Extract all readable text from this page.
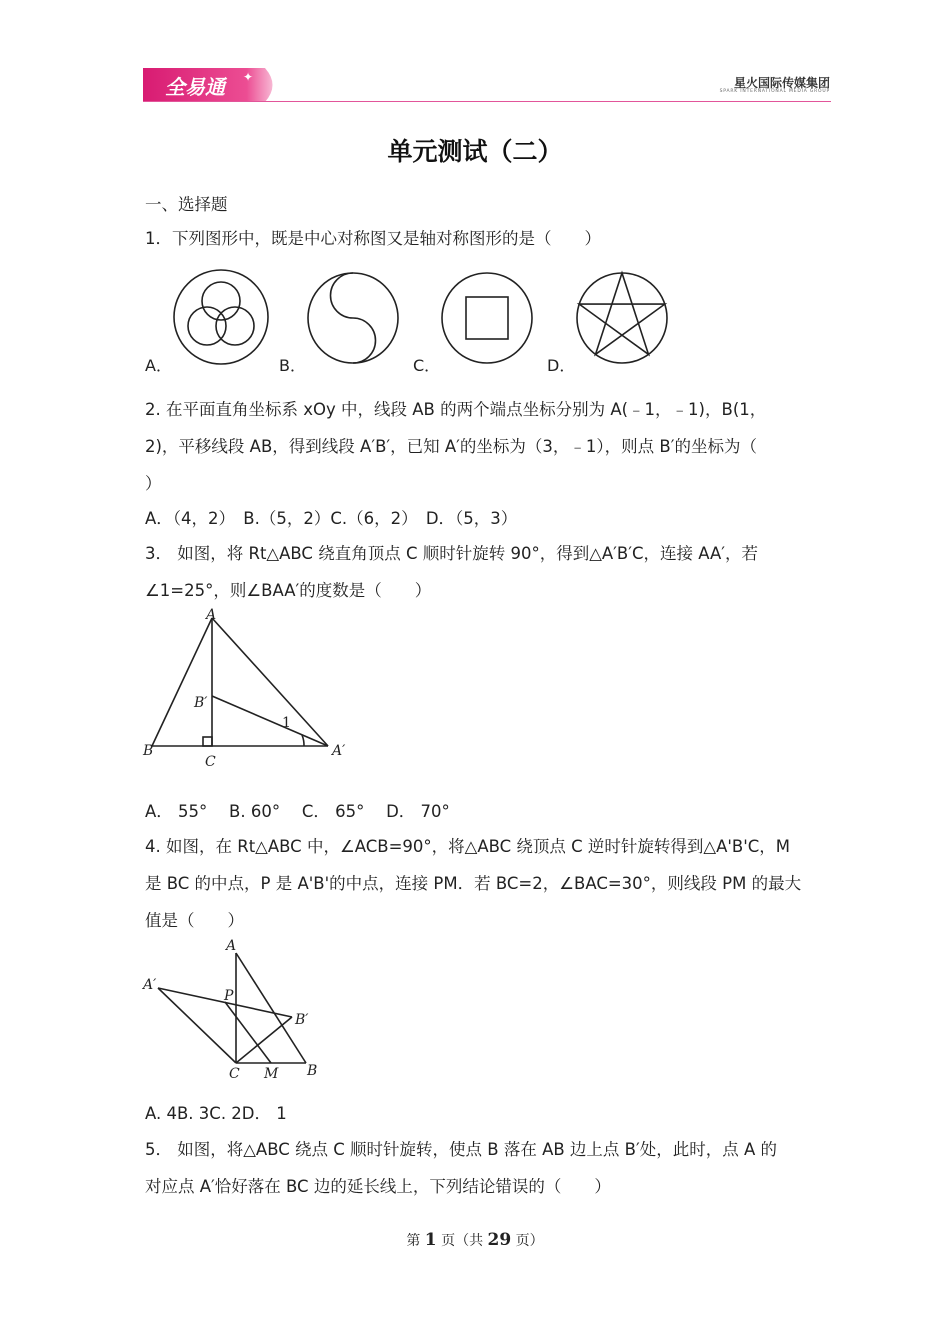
全易通 ✦	星火国际传媒集团
SPARK INTERNATIONAL MEDIA GROUP
单元测试（二）
一、选择题
1．下列图形中，既是中心对称图又是轴对称图形的是（　　）
A．	B．	C．	D．
2. 在平面直角坐标系 xOy 中，线段 AB 的两个端点坐标分别为 A(﹣1，﹣1)，B(1，
2)，平移线段 AB，得到线段 A′B′，已知 A′的坐标为（3，﹣1），则点 B′的坐标为（
）
A．（4，2）　B.（5，2）C.（6，2）　D．（5，3）
3． 如图，将 Rt△ABC 绕直角顶点 C 顺时针旋转 90°，得到△A′B′C，连接 AA′，若
∠1=25°，则∠BAA′的度数是（　　）
A
B
C
B′
A′
1
A． 55°　 B. 60°　 C． 65°　 D． 70°
4. 如图，在 Rt△ABC 中，∠ACB=90°，将△ABC 绕顶点 C 逆时针旋转得到△A'B'C，M
是 BC 的中点，P 是 A'B'的中点，连接 PM．若 BC=2，∠BAC=30°，则线段 PM 的最大
值是（　　）
A
A′
P
B′
C M B
A. 4B. 3C. 2D． 1
5． 如图，将△ABC 绕点 C 顺时针旋转，使点 B 落在 AB 边上点 B′处，此时，点 A 的
对应点 A′恰好落在 BC 边的延长线上，下列结论错误的（　　）
第 1 页（共 29 页）
